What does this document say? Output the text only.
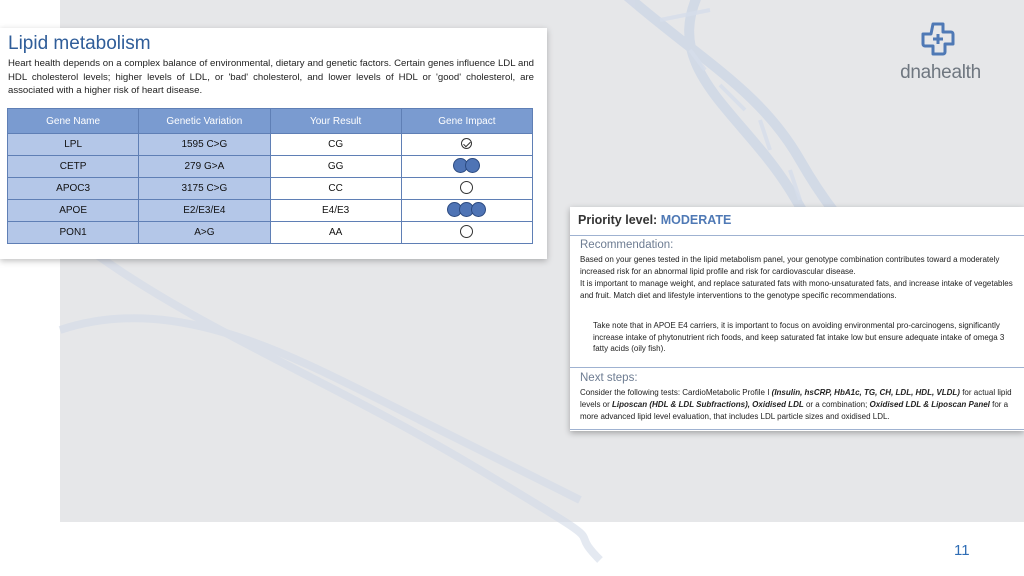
Lipid metabolism
Heart health depends on a complex balance of environmental, dietary and genetic factors. Certain genes influence LDL and HDL cholesterol levels; higher levels of LDL, or 'bad' cholesterol, and lower levels of HDL or 'good' cholesterol, are associated with a higher risk of heart disease.
Gene Name	Genetic Variation	Your Result	Gene Impact
LPL	1595 C>G	CG	

CETP	279 G>A	GG	

APOC3	3175 C>G	CC	

APOE	E2/E3/E4	E4/E3	

PON1	A>G	AA	
dnahealth
Priority level: MODERATE
Recommendation:
Based on your genes tested in the lipid metabolism panel, your genotype combination contributes toward a moderately increased risk for an abnormal lipid profile and risk for cardiovascular disease.
It is important to manage weight, and replace saturated fats with mono-unsaturated fats, and increase intake of vegetables and fruit. Match diet and lifestyle interventions to the genotype specific recommendations.
Take note that in APOE E4 carriers, it is important to focus on avoiding environmental pro-carcinogens, significantly increase intake of phytonutrient rich foods, and keep saturated fat intake low but ensure adequate intake of omega 3 fatty acids (oily fish).
Next steps:
Consider the following tests: CardioMetabolic Profile I (Insulin, hsCRP, HbA1c, TG, CH, LDL, HDL, VLDL) for actual lipid levels or Liposcan (HDL & LDL Subfractions), Oxidised LDL or a combination; Oxidised LDL & Liposcan Panel for a more advanced lipid level evaluation, that includes LDL particle sizes and oxidised LDL.
11
